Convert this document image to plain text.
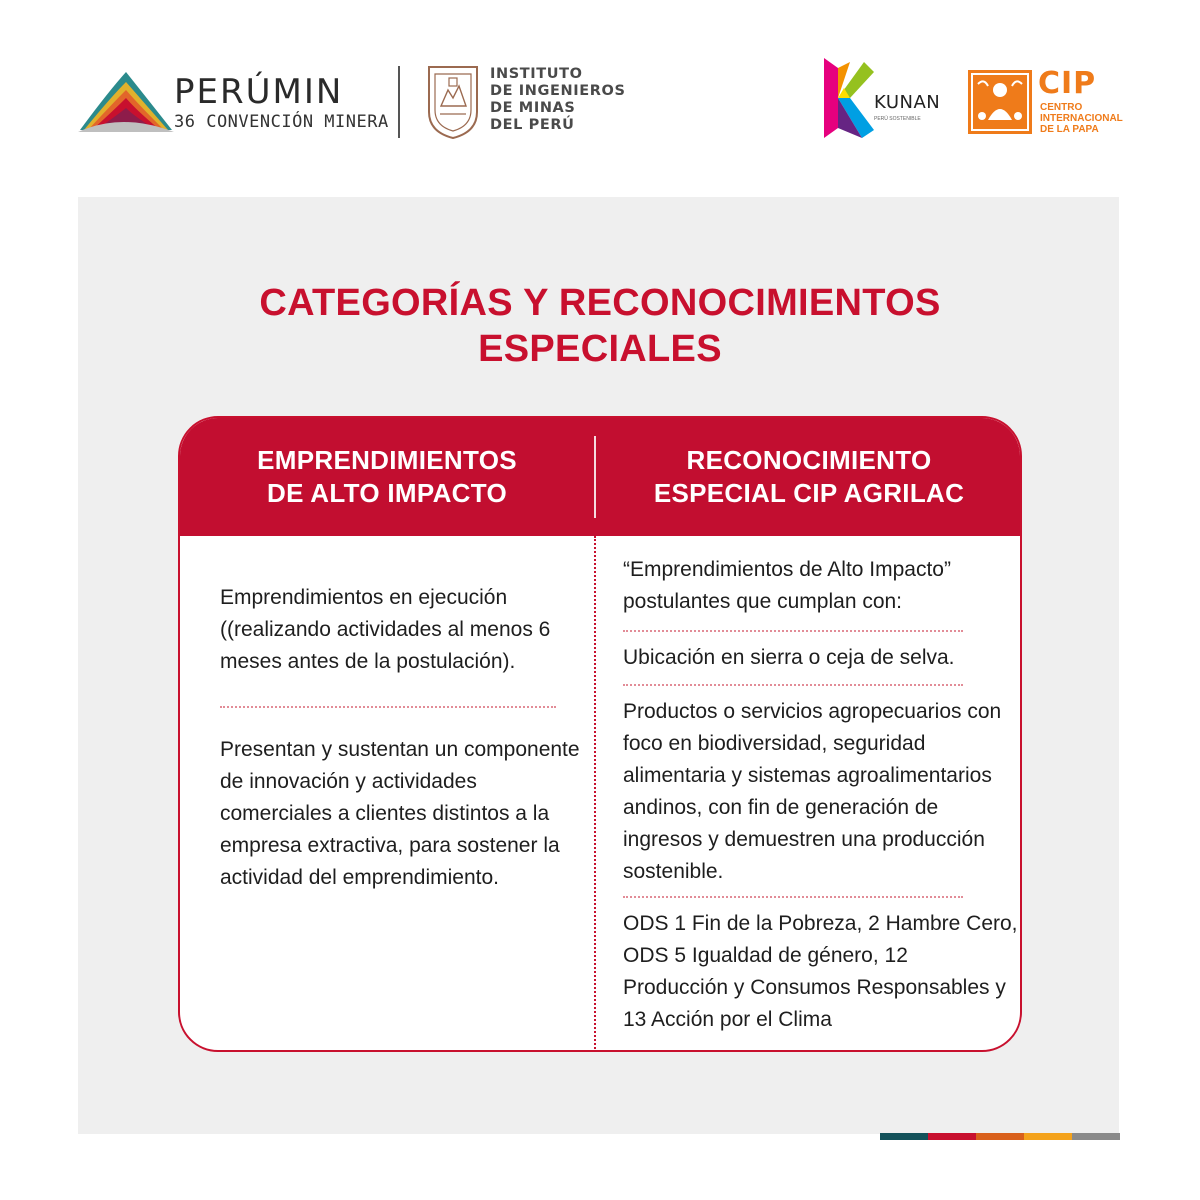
PERÚMIN
36 CONVENCIÓN MINERA
INSTITUTO
DE INGENIEROS
DE MINAS
DEL PERÚ
KUNAN
PERÚ SOSTENIBLE
CIP
CENTRO
INTERNACIONAL
DE LA PAPA
CATEGORÍAS Y RECONOCIMIENTOS
ESPECIALES
EMPRENDIMIENTOS
DE ALTO IMPACTO
RECONOCIMIENTO
ESPECIAL CIP AGRILAC
Emprendimientos en ejecución ((realizando actividades al menos 6 meses antes de la postulación).
Presentan y sustentan un componente de innovación y actividades comerciales a clientes distintos a la empresa extractiva, para sostener la actividad del emprendimiento.
“Emprendimientos de Alto Impacto” postulantes que cumplan con:
Ubicación en sierra o ceja de selva.
Productos o servicios agropecuarios con foco en biodiversidad, seguridad alimentaria y sistemas agroalimentarios andinos, con fin de generación de ingresos y demuestren una producción sostenible.
ODS 1 Fin de la Pobreza, 2 Hambre Cero, ODS 5 Igualdad de género, 12 Producción y Consumos Responsables y 13 Acción por el Clima
